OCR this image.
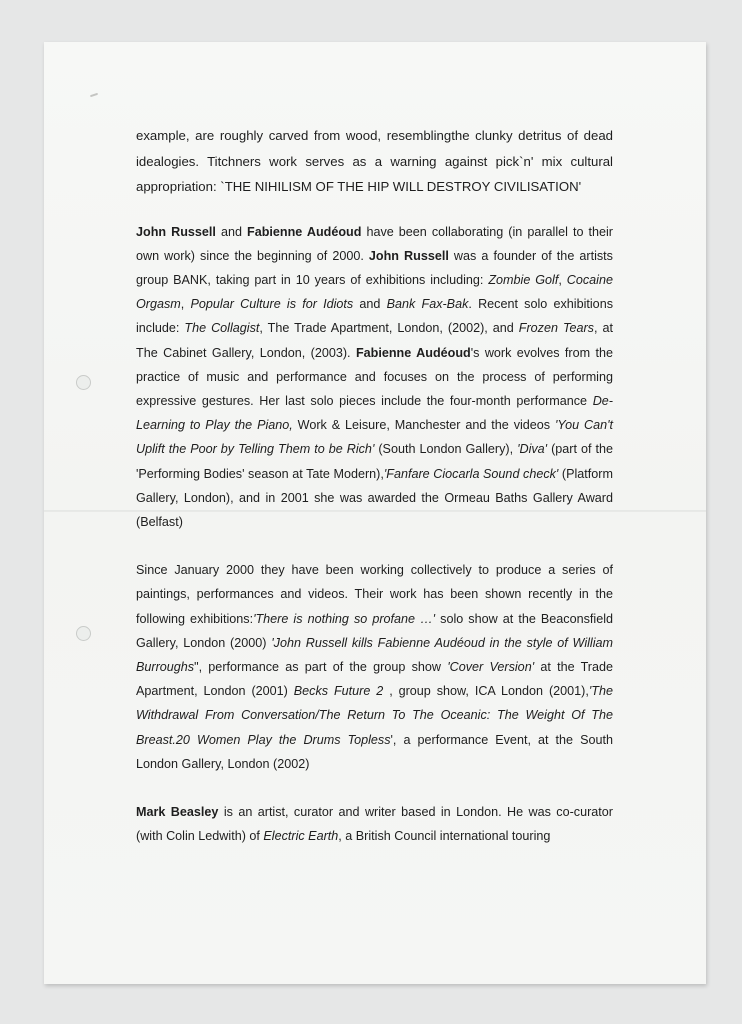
example, are roughly carved from wood, resemblingthe clunky detritus of dead idealogies. Titchners work serves as a warning against pick`n' mix cultural appropriation: `THE NIHILISM OF THE HIP WILL DESTROY CIVILISATION'

John Russell and Fabienne Audéoud have been collaborating (in parallel to their own work) since the beginning of 2000. John Russell was a founder of the artists group BANK, taking part in 10 years of exhibitions including: Zombie Golf, Cocaine Orgasm, Popular Culture is for Idiots and Bank Fax-Bak. Recent solo exhibitions include: The Collagist, The Trade Apartment, London, (2002), and Frozen Tears, at The Cabinet Gallery, London, (2003). Fabienne Audéoud's work evolves from the practice of music and performance and focuses on the process of performing expressive gestures. Her last solo pieces include the four-month performance De-Learning to Play the Piano, Work & Leisure, Manchester and the videos 'You Can't Uplift the Poor by Telling Them to be Rich' (South London Gallery), 'Diva' (part of the 'Performing Bodies' season at Tate Modern),'Fanfare Ciocarla Sound check' (Platform Gallery, London), and in 2001 she was awarded the Ormeau Baths Gallery Award (Belfast)

Since January 2000 they have been working collectively to produce a series of paintings, performances and videos. Their work has been shown recently in the following exhibitions:'There is nothing so profane …' solo show at the Beaconsfield Gallery, London (2000) 'John Russell kills Fabienne Audéoud in the style of William Burroughs", performance as part of the group show 'Cover Version' at the Trade Apartment, London (2001) Becks Future 2 , group show, ICA London (2001),'The Withdrawal From Conversation/The Return To The Oceanic: The Weight Of The Breast.20 Women Play the Drums Topless', a performance Event, at the South London Gallery, London (2002)

Mark Beasley is an artist, curator and writer based in London. He was co-curator (with Colin Ledwith) of Electric Earth, a British Council international touring
